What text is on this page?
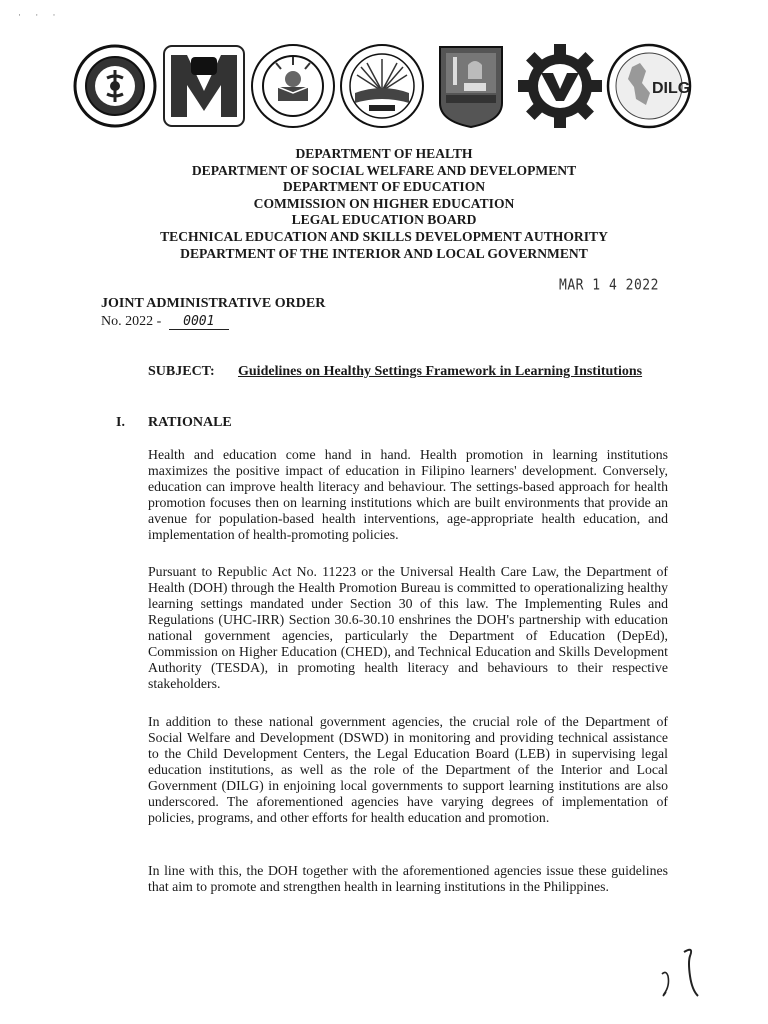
· · ·
DILG
DEPARTMENT OF HEALTH
DEPARTMENT OF SOCIAL WELFARE AND DEVELOPMENT
DEPARTMENT OF EDUCATION
COMMISSION ON HIGHER EDUCATION
LEGAL EDUCATION BOARD
TECHNICAL EDUCATION AND SKILLS DEVELOPMENT AUTHORITY
DEPARTMENT OF THE INTERIOR AND LOCAL GOVERNMENT
MAR 1 4 2022
JOINT ADMINISTRATIVE ORDER
No. 2022 - 0001
SUBJECT: Guidelines on Healthy Settings Framework in Learning Institutions
I. RATIONALE

Health and education come hand in hand. Health promotion in learning institutions maximizes the positive impact of education in Filipino learners' development. Conversely, education can improve health literacy and behaviour. The settings-based approach for health promotion focuses then on learning institutions which are built environments that provide an avenue for population-based health interventions, age-appropriate health education, and implementation of health-promoting policies.

Pursuant to Republic Act No. 11223 or the Universal Health Care Law, the Department of Health (DOH) through the Health Promotion Bureau is committed to operationalizing healthy learning settings mandated under Section 30 of this law. The Implementing Rules and Regulations (UHC-IRR) Section 30.6-30.10 enshrines the DOH's partnership with education national government agencies, particularly the Department of Education (DepEd), Commission on Higher Education (CHED), and Technical Education and Skills Development Authority (TESDA), in promoting health literacy and behaviours to their respective stakeholders.

In addition to these national government agencies, the crucial role of the Department of Social Welfare and Development (DSWD) in monitoring and providing technical assistance to the Child Development Centers, the Legal Education Board (LEB) in supervising legal education institutions, as well as the role of the Department of the Interior and Local Government (DILG) in enjoining local governments to support learning institutions are also underscored. The aforementioned agencies have varying degrees of implementation of policies, programs, and other efforts for health education and promotion.

In line with this, the DOH together with the aforementioned agencies issue these guidelines that aim to promote and strengthen health in learning institutions in the Philippines.
